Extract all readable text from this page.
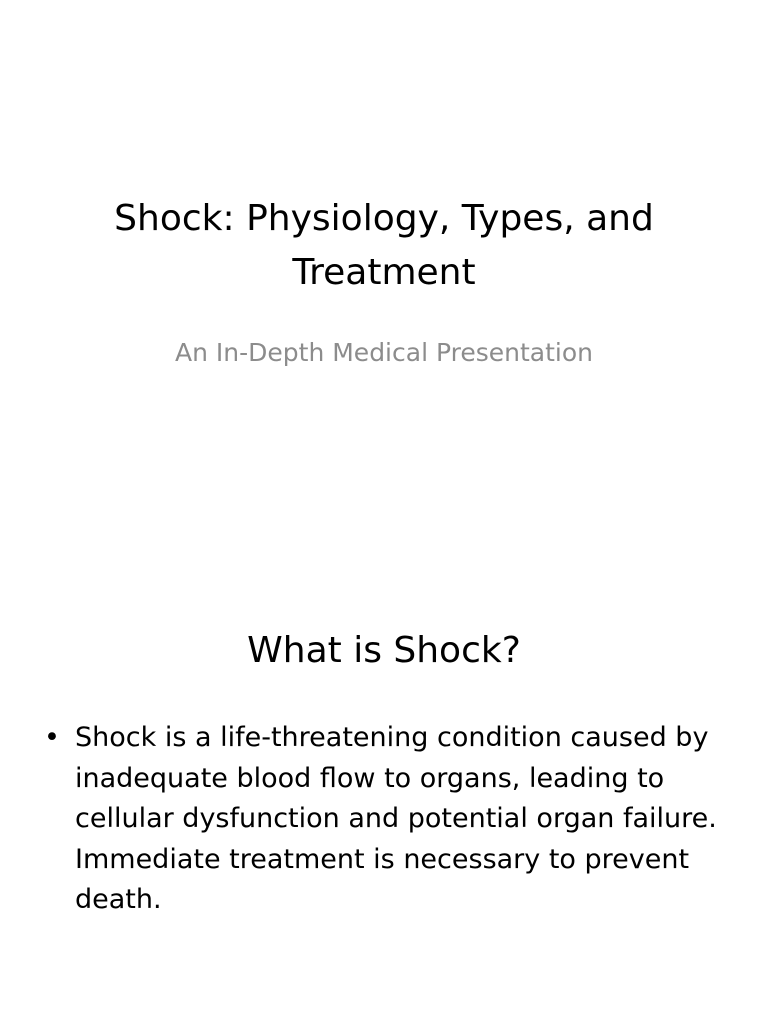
Shock: Physiology, Types, and Treatment

An In-Depth Medical Presentation

What is Shock?
• Shock is a life-threatening condition caused by inadequate blood flow to organs, leading to cellular dysfunction and potential organ failure. Immediate treatment is necessary to prevent death.
